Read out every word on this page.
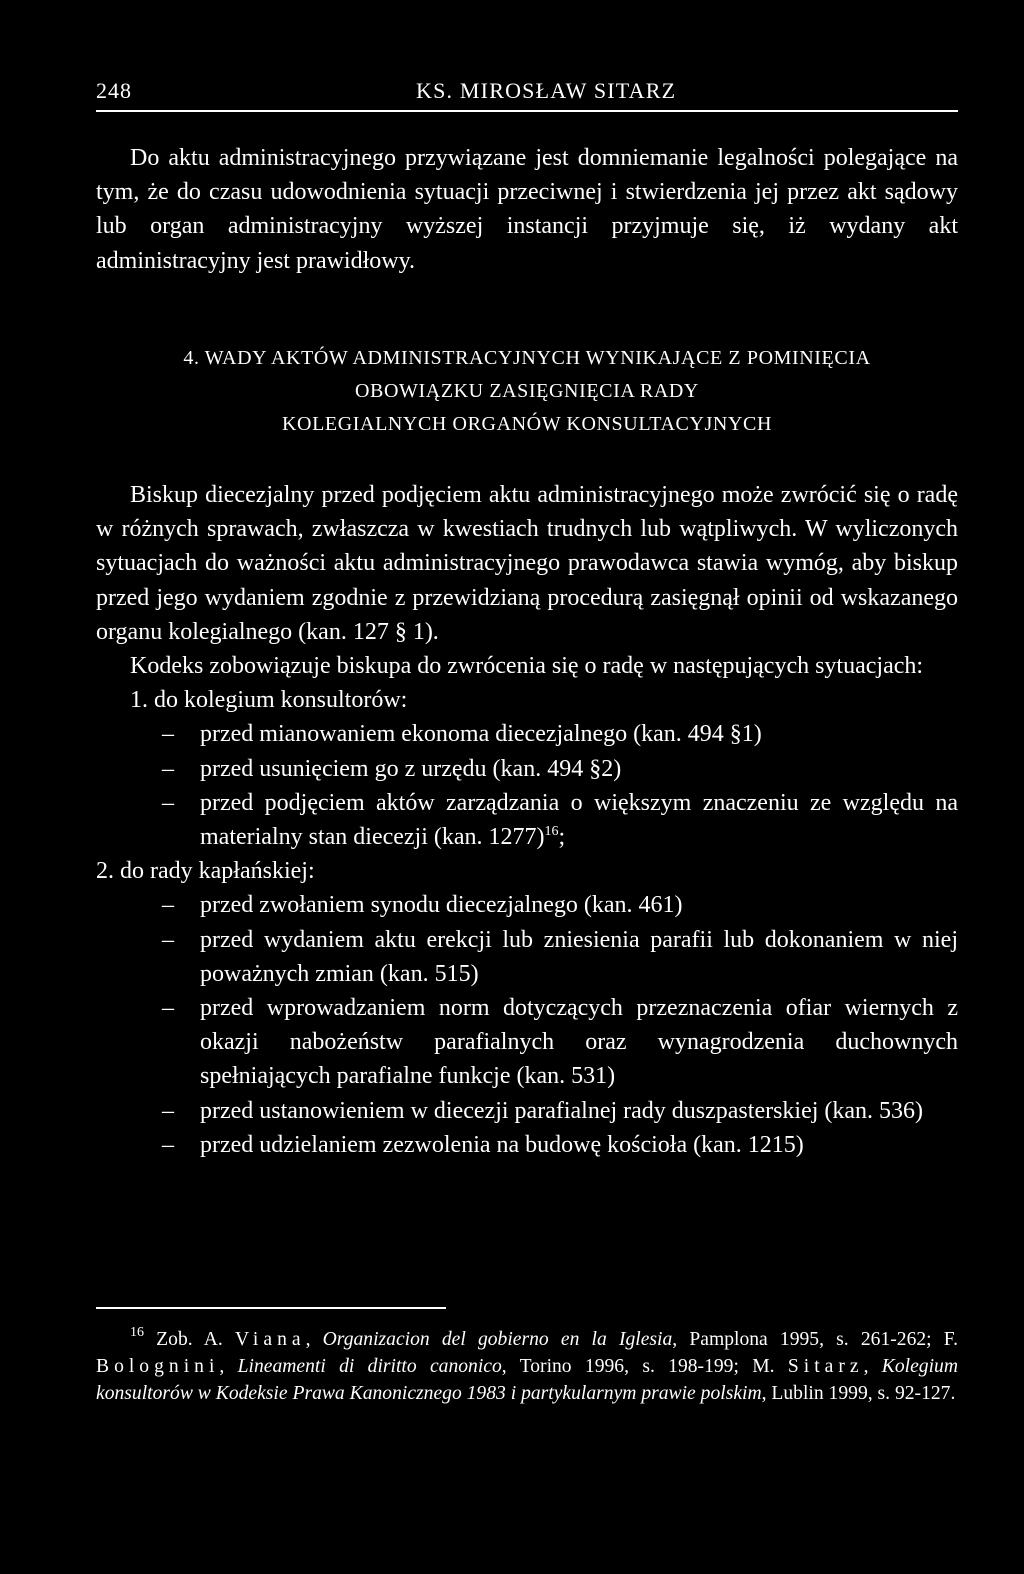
248	KS. MIROSŁAW SITARZ

Do aktu administracyjnego przywiązane jest domniemanie legalności polegające na tym, że do czasu udowodnienia sytuacji przeciwnej i stwierdzenia jej przez akt sądowy lub organ administracyjny wyższej instancji przyjmuje się, iż wydany akt administracyjny jest prawidłowy.

4. WADY AKTÓW ADMINISTRACYJNYCH WYNIKAJĄCE Z POMINIĘCIA
OBOWIĄZKU ZASIĘGNIĘCIA RADY
KOLEGIALNYCH ORGANÓW KONSULTACYJNYCH

Biskup diecezjalny przed podjęciem aktu administracyjnego może zwrócić się o radę w różnych sprawach, zwłaszcza w kwestiach trudnych lub wątpliwych. W wyliczonych sytuacjach do ważności aktu administracyjnego prawodawca stawia wymóg, aby biskup przed jego wydaniem zgodnie z przewidzianą procedurą zasięgnął opinii od wskazanego organu kolegialnego (kan. 127 § 1).

Kodeks zobowiązuje biskupa do zwrócenia się o radę w następujących sytuacjach:

1. do kolegium konsultorów:

– przed mianowaniem ekonoma diecezjalnego (kan. 494 §1)
– przed usunięciem go z urzędu (kan. 494 §2)
– przed podjęciem aktów zarządzania o większym znaczeniu ze względu na materialny stan diecezji (kan. 1277)$^{16}$;

2. do rady kapłańskiej:

– przed zwołaniem synodu diecezjalnego (kan. 461)
– przed wydaniem aktu erekcji lub zniesienia parafii lub dokonaniem w niej poważnych zmian (kan. 515)
– przed wprowadzaniem norm dotyczących przeznaczenia ofiar wiernych z okazji nabożeństw parafialnych oraz wynagrodzenia duchownych spełniających parafialne funkcje (kan. 531)
– przed ustanowieniem w diecezji parafialnej rady duszpasterskiej (kan. 536)
– przed udzielaniem zezwolenia na budowę kościoła (kan. 1215)

$^{16}$ Zob. A. Viana, Organizacion del gobierno en la Iglesia, Pamplona 1995, s. 261-262; F. Bolognini, Lineamenti di diritto canonico, Torino 1996, s. 198-199; M. Sitarz, Kolegium konsultorów w Kodeksie Prawa Kanonicznego 1983 i partykularnym prawie polskim, Lublin 1999, s. 92-127.
